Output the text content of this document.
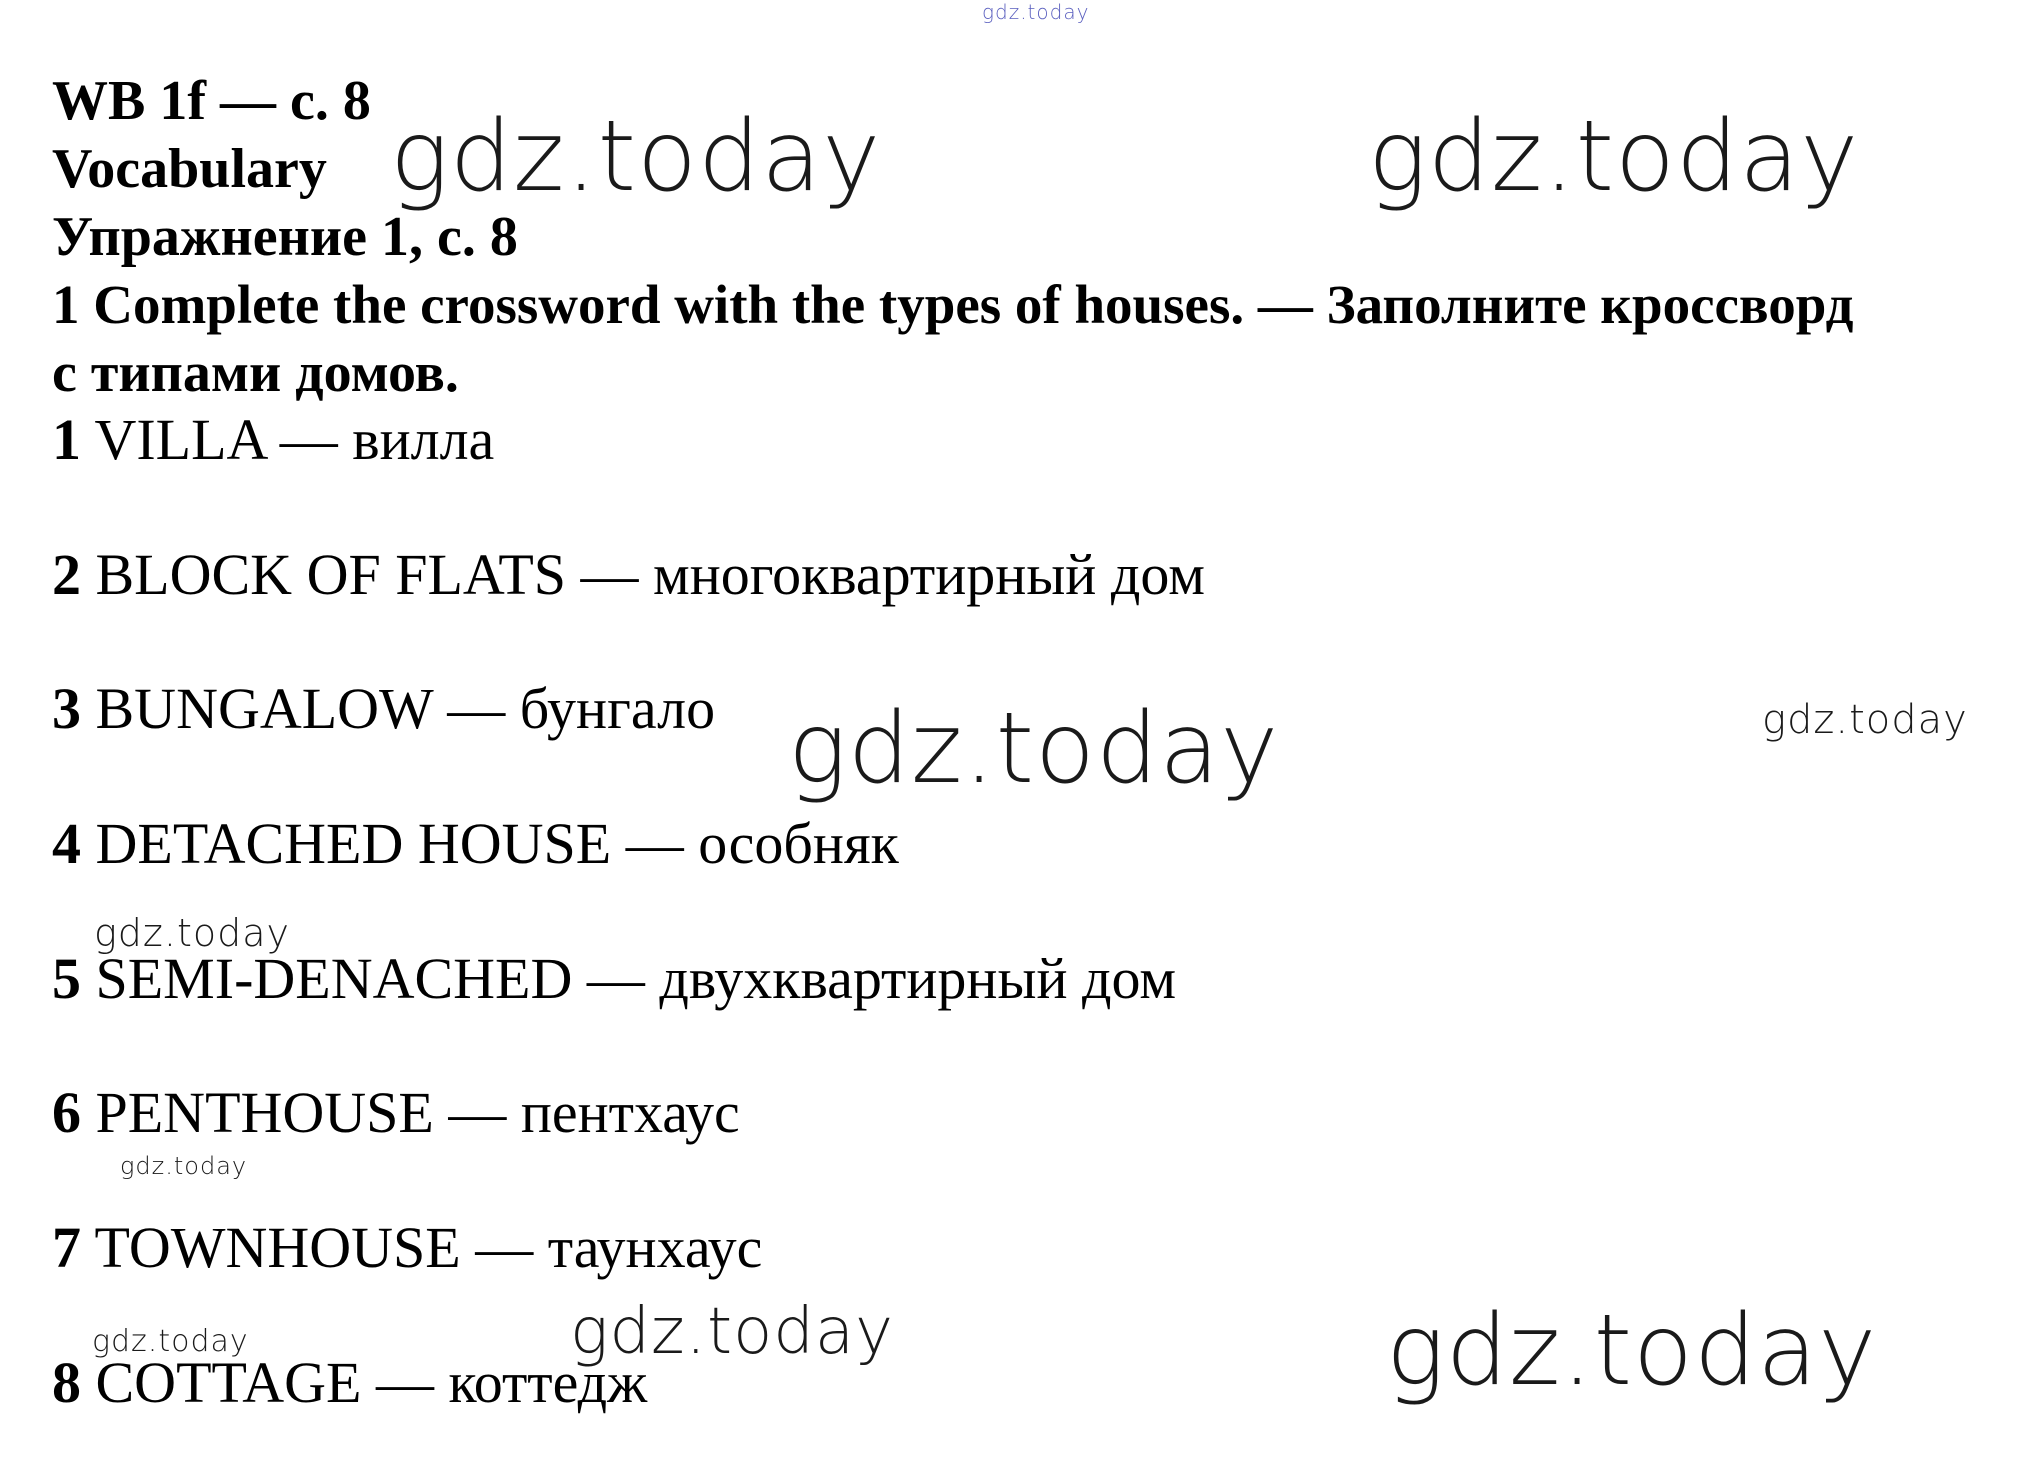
gdz.today
gdz.today	gdz.today
gdz.today	gdz.today
gdz.today
gdz.today
gdz.today
gdz.today	gdz.today
WB 1f — с. 8
Vocabulary
Упражнение 1, с. 8
1 Complete the crossword with the types of houses. — Заполните кроссворд
с типами домов.
1 VILLA — вилла
2 BLOCK OF FLATS — многоквартирный дом
3 BUNGALOW — бунгало
4 DETACHED HOUSE — особняк
5 SEMI-DENACHED — двухквартирный дом
6 PENTHOUSE — пентхаус
7 TOWNHOUSE — таунхаус
8 COTTAGE — коттедж
